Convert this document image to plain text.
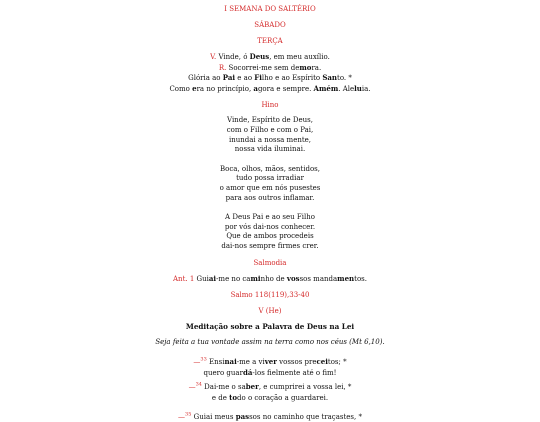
I SEMANA DO SALTÉRIO
SÁBADO
TERÇA
V. Vinde, ó Deus, em meu auxílio.
R. Socorrei-me sem demora.
Glória ao Pai e ao Filho e ao Espírito Santo. *
Como era no princípio, agora e sempre. Amém. Aleluia.
Hino
Vinde, Espírito de Deus,
com o Filho e com o Pai,
inundai a nossa mente,
nossa vida iluminai.
Boca, olhos, mãos, sentidos,
tudo possa irradiar
o amor que em nós pusestes
para aos outros inflamar.
A Deus Pai e ao seu Filho
por vós dai-nos conhecer.
Que de ambos procedeis
dai-nos sempre firmes crer.
Salmodia
Ant. 1 Guiai-me no caminho de vossos mandamentos.
Salmo 118(119),33-40
V (He)
Meditação sobre a Palavra de Deus na Lei
Seja feita a tua vontade assim na terra como nos céus (Mt 6,10).
—$^{33}$ Ensinai-me a viver vossos preceitos; *
quero guardá-los fielmente até o fim!
—$^{34}$ Dai-me o saber, e cumprirei a vossa lei, *
e de todo o coração a guardarei.
—$^{35}$ Guiai meus passos no caminho que traçastes, *
